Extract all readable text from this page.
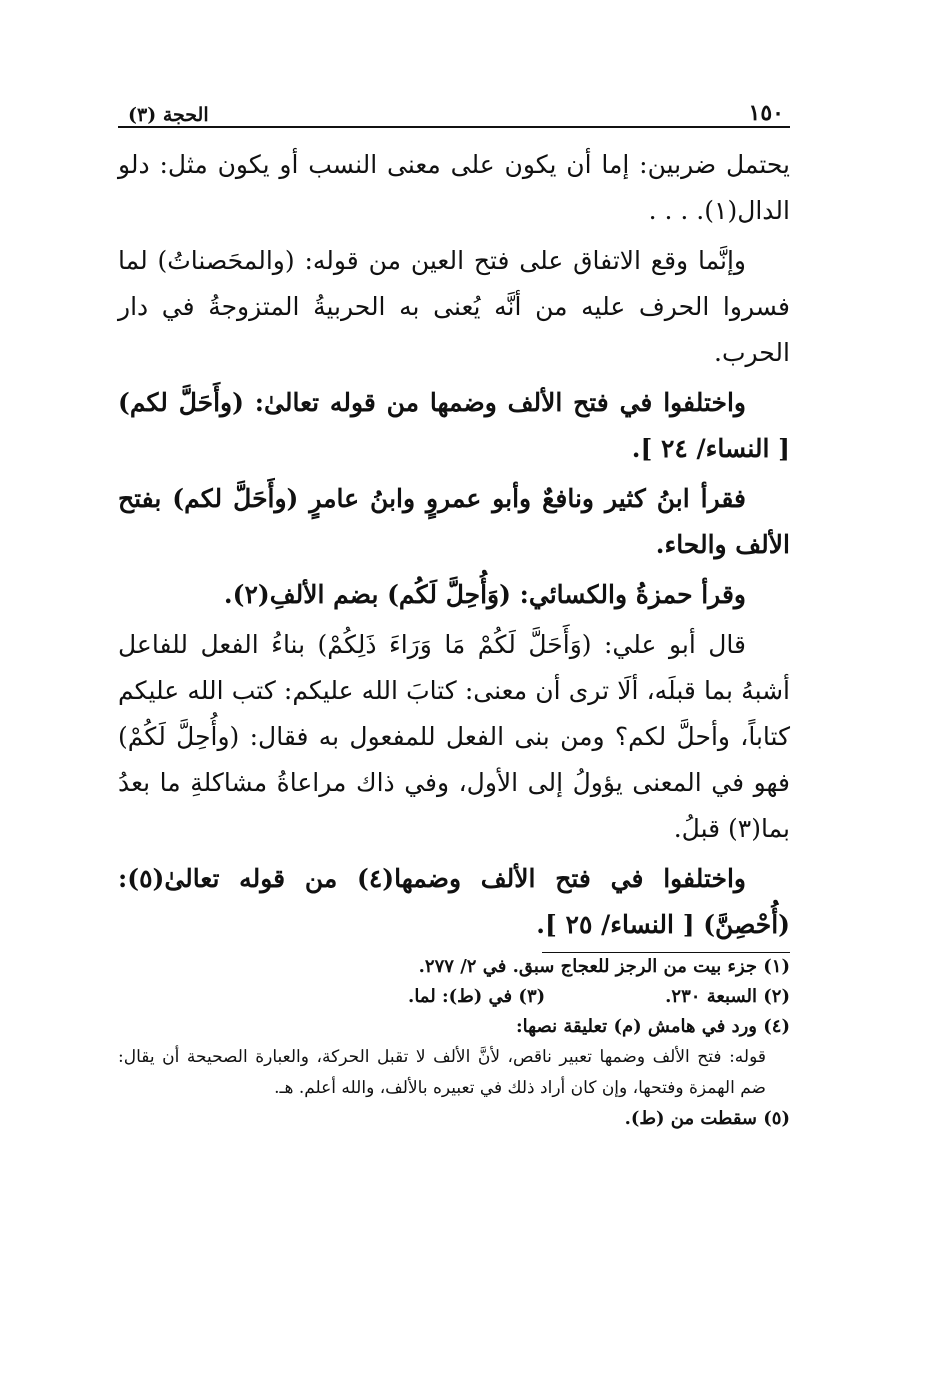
١٥٠
الحجة (٣)

يحتمل ضربين: إما أن يكون على معنى النسب أو يكون مثل: دلو الدال(١). . . .

وإنَّما وقع الاتفاق على فتح العين من قوله: (والمحَصناتُ) لما فسروا الحرف عليه من أنَّه يُعنى به الحربيةُ المتزوجةُ في دار الحرب.

واختلفوا في فتح الألف وضمها من قوله تعالىٰ: (وأَحَلَّ لكم) [ النساء/ ٢٤ ].

فقرأ ابنُ كثير ونافعٌ وأبو عمروٍ وابنُ عامرٍ (وأَحَلَّ لكم) بفتح الألف والحاء.

وقرأ حمزةُ والكسائي: (وَأُحِلَّ لَكُم) بضم الألفِ(٢).

قال أبو علي: (وَأَحَلَّ لَكُمْ مَا وَرَاءَ ذَلِكُمْ) بناءُ الفعل للفاعل أشبهُ بما قبلَه، ألَا ترى أن معنى: كتابَ الله عليكم: كتب الله عليكم كتاباً، وأحلَّ لكم؟ ومن بنى الفعل للمفعول به فقال: (وأُحِلَّ لَكُمْ) فهو في المعنى يؤولُ إلى الأول، وفي ذاك مراعاةُ مشاكلةِ ما بعدُ بما(٣) قبلُ.

واختلفوا في فتح الألف وضمها(٤) من قوله تعالىٰ(٥): (أُحْصِنَّ) [ النساء/ ٢٥ ].

(١) جزء بيت من الرجز للعجاج سبق. في ٢/ ٢٧٧.

(٢) السبعة ٢٣٠.

(٣) في (ط): لما.

(٤) ورد في هامش (م) تعليقة نصها:

قوله: فتح الألف وضمها تعبير ناقص، لأنَّ الألف لا تقبل الحركة، والعبارة الصحيحة أن يقال: ضم الهمزة وفتحها، وإن كان أراد ذلك في تعبيره بالألف، والله أعلم. هـ.

(٥) سقطت من (ط).
